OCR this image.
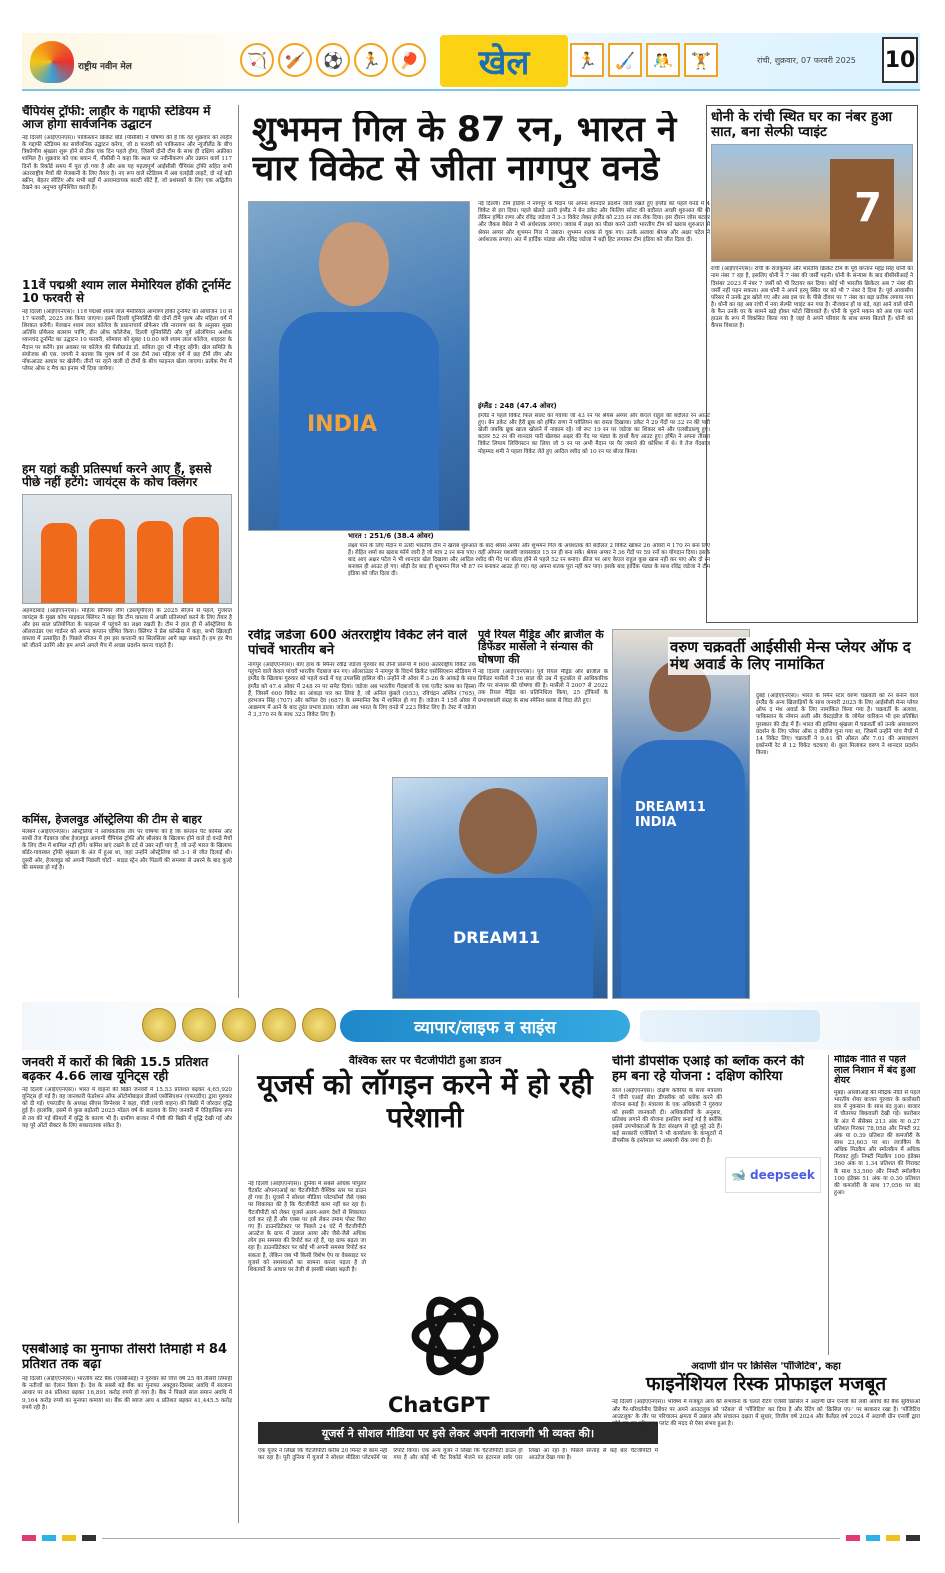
राष्ट्रीय नवीन मेल	🏹	🏏	⚽	🏃	🏓	खेल	🏃	🏑	🤼	🏋	रांची, शुक्रवार, 07 फरवरी 2025 10
चैंपियंस ट्रॉफी: लाहौर के गद्दाफी स्टेडियम में आज होगा सार्वजनिक उद्घाटन
नई दिल्ली (आईएएनएस)। पाकिस्तान क्रिकेट बोर्ड (पीसीबी) ने घोषणा की है कि वह शुक्रवार को लाहौर के गद्दाफी स्टेडियम का सार्वजनिक उद्घाटन करेगा, जो 8 फरवरी को पाकिस्तान और न्यूजीलैंड के बीच त्रिकोणीय श्रृंखला शुरू होने से ठीक एक दिन पहले होगा, जिसमें दोनों टीम के साथ ही दक्षिण अफ्रीका शामिल है। शुक्रवार को एक बयान में, पीसीबी ने कहा कि स्थल पर नवीनीकरण और उन्नयन कार्य 117 दिनों के रिकॉर्ड समय में पूरा हो गया है और अब यह महत्वपूर्ण आईसीसी चैंपियंस ट्रॉफी सहित सभी अंतरराष्ट्रीय मैचों की मेजबानी के लिए तैयार है। नए रूप वाले स्टेडियम में अब एलईडी लाइटें, दो नई बड़ी स्क्रीन, बेहतर सीटिंग और सभी बड़ों में आरामदायक बाल्टी सीटें हैं, जो प्रशंसकों के लिए एक अद्वितीय देखने का अनुभव सुनिश्चित करती हैं।
11वें पद्मश्री श्याम लाल मेमोरियल हॉकी टूर्नामेंट 10 फरवरी से
नई दिल्ली (आईएएनएस)। 11वें पद्मश्री श्याम लाल मेमोरियल आमंत्रण हॉकी टूर्नामेंट का आयोजन 10 से 17 फरवरी, 2025 तक किया जाएगा। इसमें दिल्ली यूनिवर्सिटी की दोनों टीमें पुरुष और महिला वर्ग में शिरकत करेंगी। मेजबान श्याम लाल कॉलेज के प्रधानाचार्य प्रोफेसर रबि नारायण कर के अनुसार मुख्य अतिथि प्रोफेसर बलराम पाणि, डीन ऑफ कॉलेजेस, दिल्ली यूनिवर्सिटी और पूर्व ओलंपियन अशोक ध्यानचंद टूर्नामेंट का उद्घाटन 10 फरवरी, सोमवार को सुबह 10.00 बजे श्याम लाल कॉलेज, शाहदरा के मैदान पर करेंगे। इस अवसर पर कॉलेज की पेंसीग्राउंड डॉ. सविता दूरा भी मौजूद रहेंगी। खेल समिति के संयोजक श्री एस. जगगी ने बताया कि पुरुष वर्ग में दस टीमें तथा महिला वर्ग में छह टीमें लीग और नॉकआउट आधार पर खेलेंगी। तीनों पर रहने वाली दो टीमों के बीच फाइनल खेला जाएगा। प्रत्येक मैच में प्लेयर ऑफ द मैच का इनाम भी दिया जायेगा।
हम यहां कड़ी प्रतिस्पर्धा करने आए हैं, इससे पीछे नहीं हटेंगे: जायंट्स के कोच क्लिंगर
अहमदाबाद (आईएएनएस)। महिला प्रीमियर लीग (डब्ल्यूपीएल) के 2025 सीज़न से पहले, गुजरात जायंट्स के मुख्य कोच माइकल क्लिंगर ने कहा कि टीम वास्तव में अच्छी प्रतिस्पर्धा करने के लिए तैयार है और इस साल प्रतियोगिता के फाइनल में पहुंचने का लक्ष्य रखती है। टीम ने हाल ही में ऑस्ट्रेलिया के ऑलराउंडर एश गार्डनर को अपना कप्तान घोषित किया। क्लिंगर ने प्रेस कॉन्फ्रेंस में कहा, सभी खिलाड़ी वास्तव में उत्साहित हैं। पिछले सीजन में हम इस कप्तानी का सिलसिला आगे बढ़ा सकते हैं। हम हर मैच को जीतने उतरेंगे और हम अपने अगले मैच में अच्छा प्रदर्शन करना चाहते हैं।
कमिंस, हेजलवुड ऑस्ट्रेलिया की टीम से बाहर
मेलबर्न (आईएएनएस)। ऑस्ट्रेलिया ने आधिकारिक तौर पर घोषणा की है कि कप्तान पैट कमिंस और साथी तेज गेंदबाज जोश हेजलवुड आगामी चैंपियंस ट्रॉफी और श्रीलंका के खिलाफ होने वाले दो वनडे मैचों के लिए टीम में शामिल नहीं होंगे। कमिंस बाएं टखने के दर्द से उबर नहीं पाए हैं, जो उन्हें भारत के खिलाफ बॉर्डर-गावस्कर ट्रॉफी श्रृंखला के अंत में हुआ था, जहां उन्होंने ऑस्ट्रेलिया को 3-1 से जीत दिलाई थी। दूसरी ओर, हेजलवुड को अपनी पिछली चोटों - साइड स्ट्रेन और पिंडली की समस्या से उबरने के बाद कूल्हे की समस्या हो गई है।
शुभमन गिल के 87 रन, भारत ने चार विकेट से जीता नागपुर वनडे
INDIA
नई दिल्ली। टीम इंडिया ने नागपुर के मैदान पर अपना शानदार प्रदर्शन जारी रखते हुए इंग्लैंड को पहले वनडे में 4 विकेट से हरा दिया। पहले खेलते उतरी इंग्लैंड ने बेन डकेट और फिलिप सॉल्ट की बदौलत अच्छी शुरुआत की थी लेकिन हर्षित राणा और रविंद्र जडेजा ने 3-3 विकेट लेकर इंग्लैंड को 235 रन तक रोक दिया। इस दौरान जोस बटलर और जैकब बेथेल ने भी अर्धशतक लगाए। जवाब में लक्ष्य का पीछा करने उतरी भारतीय टीम को खराब शुरुआत से श्रेयस अय्यर और शुभमन गिल ने उबारा। शुभमन शतक से चूक गए। उनके अलावा श्रेयस और अक्षर पटेल ने अर्धशतक लगाए। अंत में हार्दिक पांड्या और रविंद्र जडेजा ने बढ़ी हिट लगाकर टीम इंडिया को जीत दिला दी।
इंग्लैंड : 248 (47.4 ओवर)
इंग्लैंड ने पहले विकेट फिल साल्ट का गंवाया जो 43 रन पर श्रेयस अय्यर और केएल राहुल की बदौलत रन आउट हुए। बेन डकेट और हैरी ब्रूक को हर्षित राणा ने पवेलियन का रास्ता दिखाया। डकेट ने 29 गेंदों पर 32 रन की पारी खेली जबकि ब्रूक खाता खोलने में नाकाम रहे। जो रूट 19 रन पर जडेजा का शिकार बने और एलबीडब्ल्यू हुए। बटलर 52 रन की शानदार पारी खेलकर अक्षर की गेंद पर पंड्या के हाथों कैच आउट हुए। हर्षित ने अपना तीसरा विकेट लियाम लिविंगस्टन का लिया जो 5 रन पर अभी मैदान पर पैर जमाने की कोशिश में थे। वे तेज गेंदबाज मोहम्मद शमी ने पहला विकेट लेते हुए आदिल रशीद को 10 रन पर बोल्ड किया।
भारत : 251/6 (38.4 ओवर)
लक्ष्य पाने के लिए मैदान में उतरी भारतीय टीम ने खराब शुरुआत के बाद श्रेयस अय्यर और शुभमन गिल के अर्धशतक की बदौलत 2 विकेट खोकर 26 ओवरों में 170 रन बना लिए हैं। रोहित शर्मा का खराब फॉर्म जारी है जो मात्र 2 रन बना पाए। वहीं ओपनर यशस्वी जायसवाल 15 रन ही बना सके। श्रेयस अय्यर ने 36 गेंदों पर 59 रनों का योगदान दिया। इसके बाद आए अक्षर पटेल ने भी शानदार खेल दिखाया और आदिल रशीद की गेंद पर बोल्ड होने से पहले 52 रन बनाए। क्रीज पर आए केएल राहुल कुछ खास नहीं कर पाए और दो रन बनाकर ही आउट हो गए। थोड़ी देर बाद ही शुभमन गिल भी 87 रन बनाकर आउट हो गए। यह अपना शतक पूरा नहीं कर पाए। इसके बाद हार्दिक पंड्या के साथ रविंद्र जडेजा ने टीम इंडिया को जीत दिला दी।
धोनी के रांची स्थित घर का नंबर हुआ सात, बना सेल्फी प्वाइंट
7
रांची (आईएएनएस)। रांची के राजकुमार और भारतीय क्रिकेट टीम के पूर्व कप्तान महेंद्र सिंह धोनी का नाम नंबर 7 रहा है, इसलिए धोनी ने 7 नंबर की जर्सी पहनी। धोनी के संन्यास के बाद बीसीसीआई ने दिसंबर 2023 में नंबर 7 जर्सी को भी रिटायर कर दिया। कोई भी भारतीय क्रिकेटर अब 7 नंबर की जर्सी नहीं पहन सकता। अब धोनी ने अपने हरमू स्थित घर को भी 7 नंबर दे दिया है। पूर्व आवासीय परिसर में उनके द्वार खोले गए और अब इस घर के पीछे दीवार पर 7 नंबर का बड़ा प्रतीक लगाया गया है। धोनी का यह अब रांची में नया सेल्फी प्वाइंट बन गया है। नौजवान हों या बड़े, यहां आने वाले धोनी के फैन उनके घर के सामने खड़े होकर फोटो खिंचवाते हैं। धोनी के पुराने मकान को अब एक फार्म हाउस के रूप में विकसित किया गया है जहां वे अपने परिवार के साथ समय बिताते हैं। धोनी का कैंपस विशाल है।
रवींद्र जडेजा 600 अंतरराष्ट्रीय विकेट लेने वाले पांचवें भारतीय बने
नागपुर (आईएएनएस)। बाएं हाथ के स्पिनर रवींद्र जडेजा गुरुवार को तीनों प्रारूपों में 600 अंतरराष्ट्रीय विकेट तक पहुंचने वाले केवल पांचवें भारतीय गेंदबाज बन गए। ऑलराउंडर ने नागपुर के विदर्भ क्रिकेट एसोसिएशन स्टेडियम में इंग्लैंड के खिलाफ गुरुवार को पहले वनडे में यह उपलब्धि हासिल की। उन्होंने नौ ओवर में 3-26 के आंकड़े के साथ इंग्लैंड को 47.4 ओवर में 248 रन पर समेट दिया। जडेजा अब भारतीय गेंदबाजों के एक एलीट क्लब का हिस्सा हैं, जिसमें 600 विकेट का आंकड़ा पार कर लिया है, जो अनिल कुंबले (953), रविचंद्रन अश्विन (765), हरभजन सिंह (707) और कपिल देव (687) के सम्मानित रैंक में शामिल हो गए हैं। जडेजा ने 15वें ओवर में आक्रमण में आने के बाद तुरंत प्रभाव डाला। जडेजा अब भारत के लिए वनडे में 223 विकेट लिए हैं। टेस्ट में जडेजा ने 3,370 रन के साथ 323 विकेट लिए हैं।
पूर्व रियल मैड्रिड और ब्राजील के डिफेंडर मार्सेलो ने संन्यास की घोषणा की
नई दिल्ली (आईएएनएस)। पूर्व रियल मैड्रिड और ब्राजील के डिफेंडर मार्सेलो ने 36 साल की उम्र में फुटबॉल से आधिकारिक तौर पर संन्यास की घोषणा की है। मार्सेलो ने 2007 से 2022 तक रियल मैड्रिड का प्रतिनिधित्व किया, 25 ट्रॉफियों के प्रभावशाली संग्रह के साथ स्पेनिश क्लब से विदा लेते हुए।
DREAM11
DREAM11 INDIA
वरुण चक्रवर्ती आईसीसी मेन्स प्लेयर ऑफ द मंथ अवार्ड के लिए नामांकित
दुबई (आईएएनएस)। भारत के स्पिन स्टार वरुण चक्रवर्ती को रन बनाने वाले इंग्लैंड के अन्य खिलाड़ियों के साथ जनवरी 2025 के लिए आईसीसी मेन्स प्लेयर ऑफ द मंथ अवार्ड के लिए नामांकित किया गया है। चक्रवर्ती के अलावा, पाकिस्तान के नोमान अली और वेस्टइंडीज के जोमेल वारिकन भी इस प्रतिष्ठित पुरस्कार की दौड़ में हैं। भारत की हालिया श्रृंखला में चक्रवर्ती को उनके असाधारण प्रदर्शन के लिए प्लेयर ऑफ द सीरीज चुना गया था, जिसमें उन्होंने पांच मैचों में 14 विकेट लिए। चक्रवर्ती ने 9.41 की औसत और 7.01 की असाधारण इकॉनमी रेट से 12 विकेट चटकाए थे। कुल मिलाकर वरुण ने शानदार प्रदर्शन किया।
व्यापार/लाइफ व साइंस
जनवरी में कारों की बिक्री 15.5 प्रतिशत बढ़कर 4.66 लाख यूनिट्स रही
नई दिल्ली (आईएएनएस)। भारत में वाहनों की बिक्री जनवरी में 15.53 प्रतिशत बढ़कर 4,65,920 यूनिट्स हो गई है। यह जानकारी फेडरेशन ऑफ ऑटोमोबाइल डीलर्स एसोसिएशन (एफएडीए) द्वारा गुरुवार को दी गई। एफएडीए के अध्यक्ष सीएस विग्नेश्वर ने कहा, पीवी (यात्री वाहन) की बिक्री में जोरदार वृद्धि हुई है। हालांकि, इसमें से कुछ बढ़ोतरी 2025 मॉडल वर्ष के बदलाव के लिए जनवरी में ऐतिहासिक रूप से तय की गई कीमतों में वृद्धि के कारण भी है। ग्रामीण बाजार में पीवी की बिक्री में वृद्धि देखी गई और यह पूरे ऑटो सेक्टर के लिए सकारात्मक संकेत है।
एसबीआई का मुनाफा तीसरी तिमाही में 84 प्रतिशत तक बढ़ा
नई दिल्ली (आईएएनएस)। भारतीय स्टेट बैंक (एसबीआई) ने गुरुवार को वित्त वर्ष 25 की तीसरी तिमाही के नतीजों का ऐलान किया है। देश के सबसे बड़े बैंक का मुनाफा अक्टूबर-दिसंबर अवधि में सालाना आधार पर 84 प्रतिशत बढ़कर 16,891 करोड़ रुपये हो गया है। बैंक ने पिछले साल समान अवधि में 9,164 करोड़ रुपये का मुनाफा कमाया था। बैंक की ब्याज आय 4 प्रतिशत बढ़कर 41,445.5 करोड़ रुपये रही है।
वैश्विक स्तर पर चैटजीपीटी हुआ डाउन
यूजर्स को लॉगइन करने में हो रही परेशानी
नई दिल्ली (आईएएनएस)। दुनिया में सबसे अधिक पॉपुलर चैटबॉट ओपनएआई का चैटजीपीटी वैश्विक स्तर पर डाउन हो गया है। यूजर्स ने सोशल मीडिया प्लेटफॉर्म्स जैसे एक्स पर शिकायत की है कि चैटजीपीटी काम नहीं कर रहा है। चैटजीपीटी को लेकर यूजर्स अलग-अलग देशों से शिकायत दर्ज कर रहे हैं और एक्स पर इसे लेकर तमाम पोस्ट किए गए हैं। डाउनडिटेक्टर पर पिछले 24 घंटे में चैटजीपीटी आउटेज के ग्राफ में उछाल आया और जैसे-जैसे अधिक लोग इस समस्या की रिपोर्ट कर रहे हैं, यह ग्राफ बढ़ता जा रहा है। डाउनडिटेक्टर पर कोई भी अपनी समस्या रिपोर्ट कर सकता है, लेकिन जब भी किसी विशेष ऐप या वेबसाइट पर यूजर्स को समस्याओं का सामना करना पड़ता है तो शिकायतें के आधार पर तेजी से इसकी संख्या बढ़ती है।
ChatGPT
यूजर्स ने सोशल मीडिया पर इसे लेकर अपनी नाराजगी भी व्यक्त की।
एक यूजर ने लिखा कि चैटजीपीटी करीब 20 मिनट से काम नहीं कर रहा है। पूरी दुनिया में यूजर्स ने सोशल मीडिया प्लेटफॉर्म पर रिपोर्ट किया। एक अन्य यूजर ने लिखा कि चैटजीपीटी डाउन हो गया है और कोई भी चैट रिकॉर्ड भेजने पर इंटरनल सर्वर एरर लिखा आ रहा है। पिछले सप्ताह से कई बार चैटजीपीटी में आउटेज देखा गया है।
चीनी डीपसीक एआई को ब्लॉक करने की हम बना रहे योजना : दक्षिण कोरिया
सोल (आईएएनएस)। दक्षिण कोरिया के सत्ता मंत्रालय ने चीनी एआई सेवा डीपसीक को ब्लॉक करने की योजना बनाई है। मंत्रालय के एक अधिकारी ने गुरुवार को इसकी जानकारी दी। अधिकारियों के अनुसार, प्रतिबंध लगाने की योजना इसलिए बनाई गई है क्योंकि इससे उपभोक्ताओं के डेटा संरक्षण से जुड़े मुद्दे उठे हैं। कई सरकारी एजेंसियों ने भी कार्यालय के कंप्यूटरों में डीपसीक के इस्तेमाल पर अस्थायी रोक लगा दी है।
🐋 deepseek
मौद्रिक नीति से पहले लाल निशान में बंद हुआ शेयर
मुंबई। आरबीआई की मौद्रिक नीति से पहले भारतीय शेयर बाजार गुरुवार के कारोबारी सत्र में नुकसान के साथ बंद हुआ। बाजार में चौतरफा बिकवाली देखी गई। कारोबार के अंत में सेंसेक्स 213 अंक या 0.27 प्रतिशत गिरकर 78,058 और निफ्टी 92 अंक या 0.39 प्रतिशत की कमजोरी के साथ 23,603 पर था। लार्जकैप के अधिक मिडकैप और स्मॉलकैप में अधिक गिरावट हुई। निफ्टी मिडकैप 100 इंडेक्स 360 अंक या 1.34 प्रतिशत की गिरावट के साथ 53,500 और निफ्टी स्मॉलकैप 100 इंडेक्स 51 अंक या 0.30 प्रतिशत की कमजोरी के साथ 17,056 पर बंद हुआ।
अदाणी ग्रीन पर क्रिसिल 'पॉजिटिव', कहा
फाइनेंशियल रिस्क प्रोफाइल मजबूत
नई दिल्ली (आईएएनएस)। भविष्य में मजबूत आय की संभावना के चलते रेटिंग एजेंसी क्रिसिल ने अदाणी ग्रीन एनर्जी की लंबी अवधि की बैंक सुविधाओं और गैर-परिवर्तनीय डिबेंचर पर अपने आउटलुक को 'स्टेबल' से 'पॉजिटिव' कर दिया है और रेटिंग को 'क्रिसिल एए-' पर बरकरार रखा है। 'पॉजिटिव आउटलुक' के तौर पर परिचालन क्षमता में उछाल और संचालन दक्षता में सुधार, वित्तीय वर्ष 2024 और कैलेंडर वर्ष 2024 में अदाणी ग्रीन एनर्जी द्वारा जोड़े गए नए परिचालन प्लांट की मदद से ऐसा संभव हुआ है।
